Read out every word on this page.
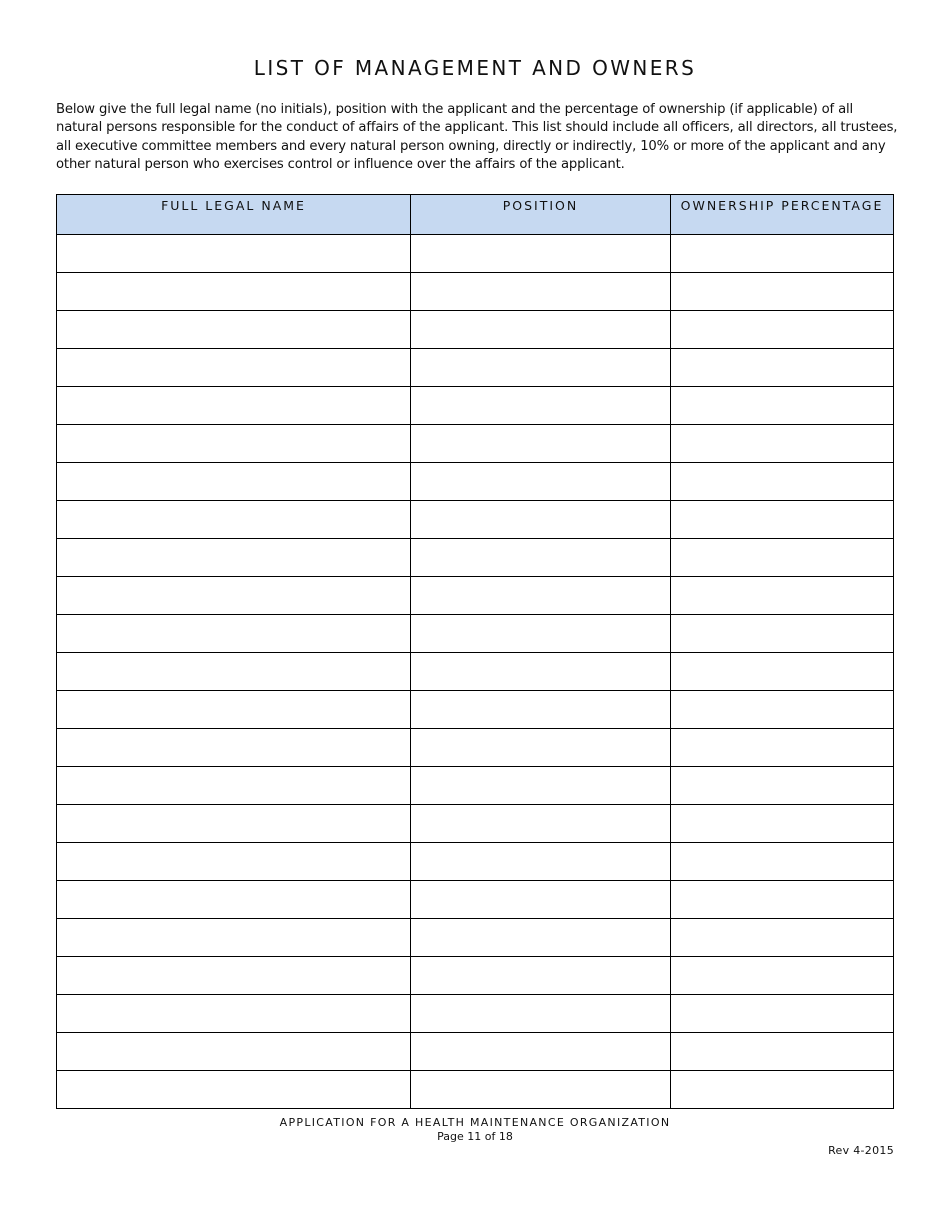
LIST OF MANAGEMENT AND OWNERS

Below give the full legal name (no initials), position with the applicant and the percentage of ownership (if applicable) of all natural persons responsible for the conduct of affairs of the applicant. This list should include all officers, all directors, all trustees, all executive committee members and every natural person owning, directly or indirectly, 10% or more of the applicant and any other natural person who exercises control or influence over the affairs of the applicant.

FULL LEGAL NAME	POSITION	OWNERSHIP PERCENTAGE

APPLICATION FOR A HEALTH MAINTENANCE ORGANIZATION
Page 11 of 18
Rev 4-2015
